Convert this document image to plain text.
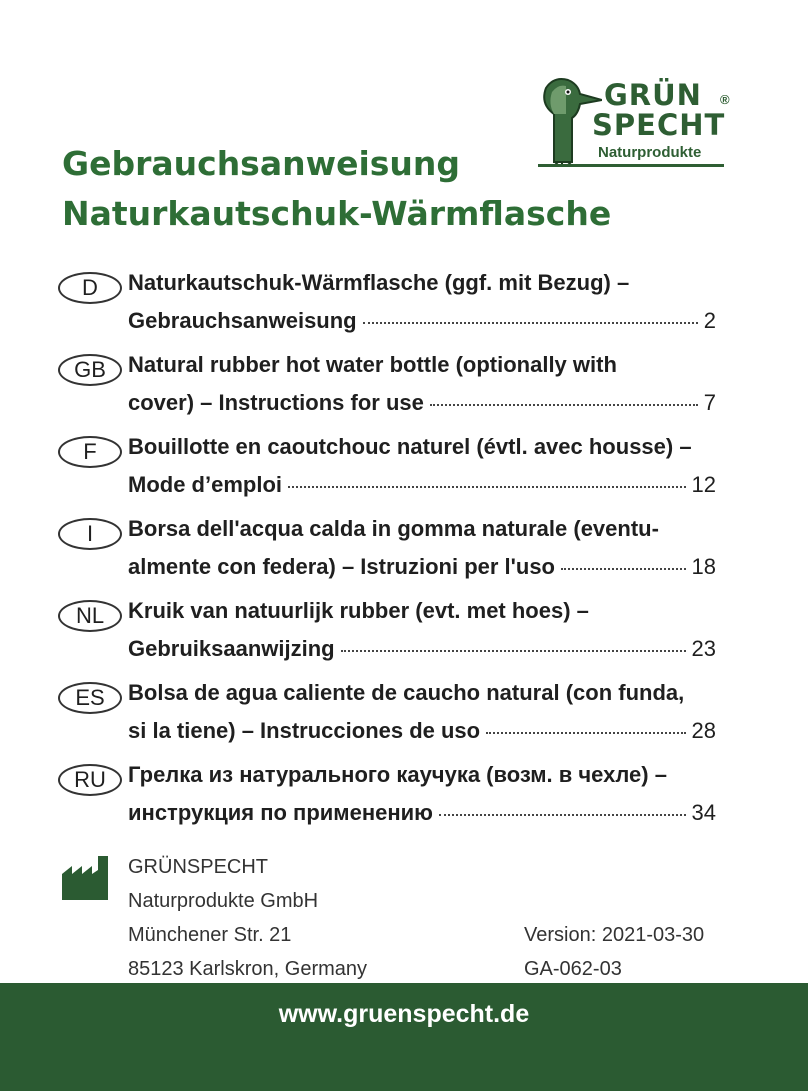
GRÜN
SPECHT
®
Naturprodukte
Gebrauchsanweisung
Naturkautschuk-Wärmflasche
D	Naturkautschuk-Wärmflasche (ggf. mit Bezug) –
Gebrauchsanweisung	2
GB	Natural rubber hot water bottle (optionally with
cover) – Instructions for use	7
F	Bouillotte en caoutchouc naturel (évtl. avec housse) –
Mode d’emploi	12
I	Borsa dell'acqua calda in gomma naturale (eventu-
almente con federa) – Istruzioni per l'uso	18
NL	Kruik van natuurlijk rubber (evt. met hoes) –
Gebruiksaanwijzing	23
ES	Bolsa de agua caliente de caucho natural (con funda,
si la tiene) – Instrucciones de uso	28
RU	Грелка из натурального каучука (возм. в чехле) –
инструкция по применению	34
GRÜNSPECHT
Naturprodukte GmbH
Münchener Str. 21
85123 Karlskron, Germany
Version: 2021-03-30
GA-062-03
www.gruenspecht.de
